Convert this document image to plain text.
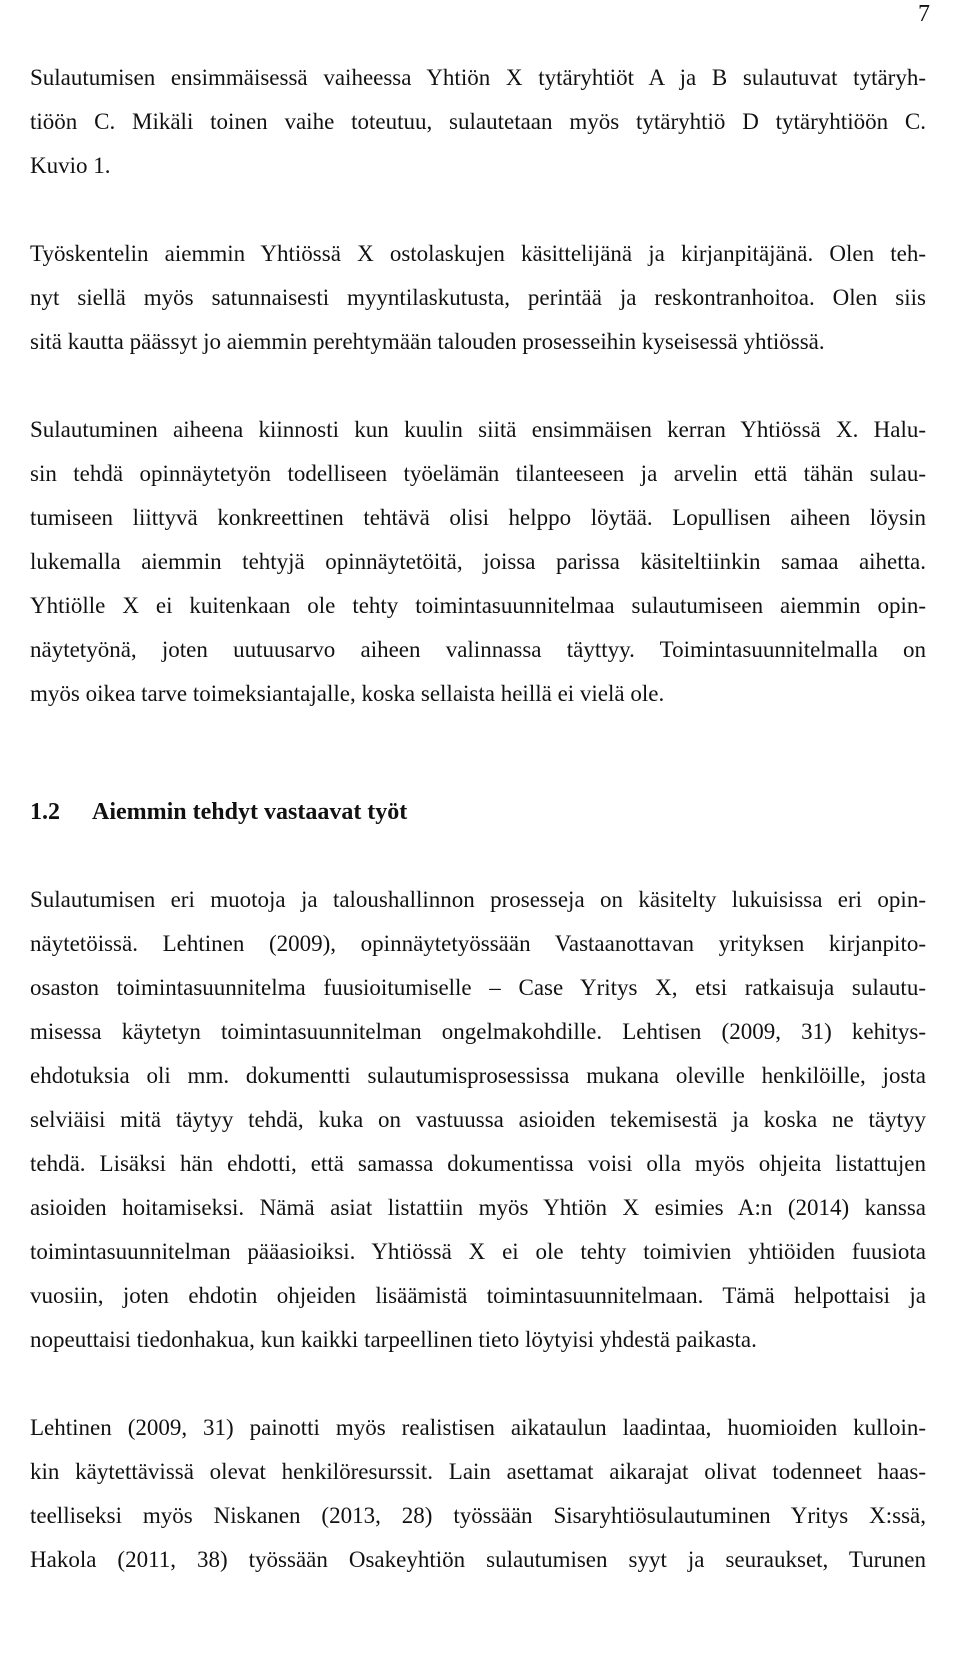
7

Sulautumisen ensimmäisessä vaiheessa Yhtiön X tytäryhtiöt A ja B sulautuvat tytäryh-
tiöön C. Mikäli toinen vaihe toteutuu, sulautetaan myös tytäryhtiö D tytäryhtiöön C.
Kuvio 1.

Työskentelin aiemmin Yhtiössä X ostolaskujen käsittelijänä ja kirjanpitäjänä. Olen teh-
nyt siellä myös satunnaisesti myyntilaskutusta, perintää ja reskontranhoitoa. Olen siis
sitä kautta päässyt jo aiemmin perehtymään talouden prosesseihin kyseisessä yhtiössä.

Sulautuminen aiheena kiinnosti kun kuulin siitä ensimmäisen kerran Yhtiössä X. Halu-
sin tehdä opinnäytetyön todelliseen työelämän tilanteeseen ja arvelin että tähän sulau-
tumiseen liittyvä konkreettinen tehtävä olisi helppo löytää. Lopullisen aiheen löysin
lukemalla aiemmin tehtyjä opinnäytetöitä, joissa parissa käsiteltiinkin samaa aihetta.
Yhtiölle X ei kuitenkaan ole tehty toimintasuunnitelmaa sulautumiseen aiemmin opin-
näytetyönä, joten uutuusarvo aiheen valinnassa täyttyy. Toimintasuunnitelmalla on
myös oikea tarve toimeksiantajalle, koska sellaista heillä ei vielä ole.

1.2	Aiemmin tehdyt vastaavat työt

Sulautumisen eri muotoja ja taloushallinnon prosesseja on käsitelty lukuisissa eri opin-
näytetöissä. Lehtinen (2009), opinnäytetyössään Vastaanottavan yrityksen kirjanpito-
osaston toimintasuunnitelma fuusioitumiselle – Case Yritys X, etsi ratkaisuja sulautu-
misessa käytetyn toimintasuunnitelman ongelmakohdille. Lehtisen (2009, 31) kehitys-
ehdotuksia oli mm. dokumentti sulautumisprosessissa mukana oleville henkilöille, josta
selviäisi mitä täytyy tehdä, kuka on vastuussa asioiden tekemisestä ja koska ne täytyy
tehdä. Lisäksi hän ehdotti, että samassa dokumentissa voisi olla myös ohjeita listattujen
asioiden hoitamiseksi. Nämä asiat listattiin myös Yhtiön X esimies A:n (2014) kanssa
toimintasuunnitelman pääasioiksi. Yhtiössä X ei ole tehty toimivien yhtiöiden fuusiota
vuosiin, joten ehdotin ohjeiden lisäämistä toimintasuunnitelmaan. Tämä helpottaisi ja
nopeuttaisi tiedonhakua, kun kaikki tarpeellinen tieto löytyisi yhdestä paikasta.

Lehtinen (2009, 31) painotti myös realistisen aikataulun laadintaa, huomioiden kulloin-
kin käytettävissä olevat henkilöresurssit. Lain asettamat aikarajat olivat todenneet haas-
teelliseksi myös Niskanen (2013, 28) työssään Sisaryhtiösulautuminen Yritys X:ssä,
Hakola (2011, 38) työssään Osakeyhtiön sulautumisen syyt ja seuraukset, Turunen
